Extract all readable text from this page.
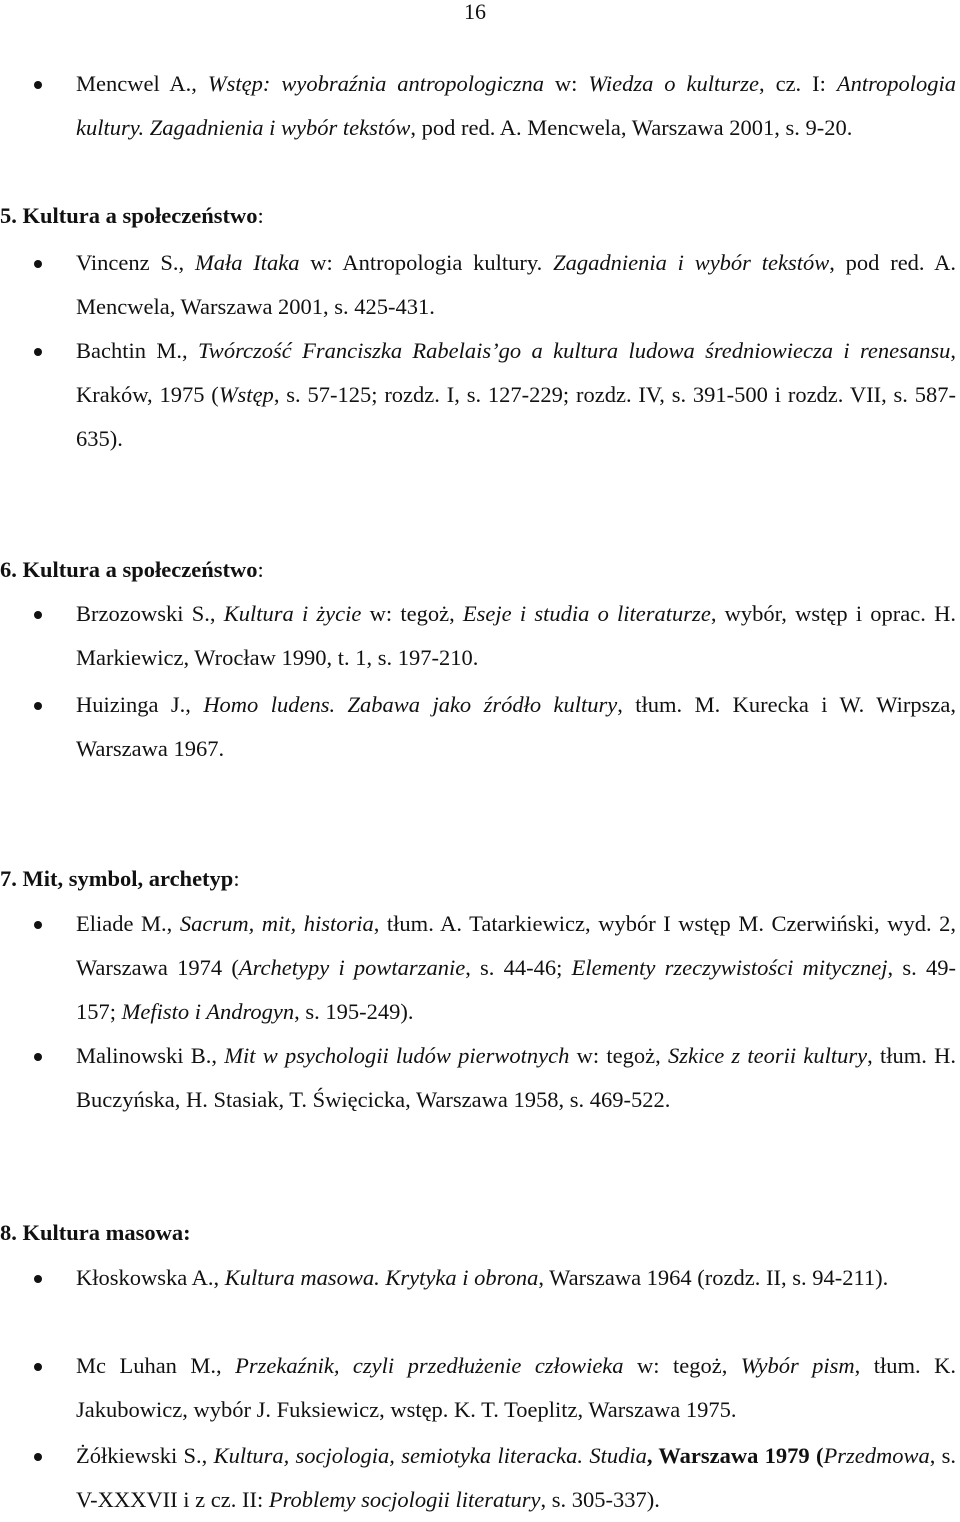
16
Mencwel A., Wstęp: wyobraźnia antropologiczna w: Wiedza o kulturze, cz. I: Antropologia kultury. Zagadnienia i wybór tekstów, pod red. A. Mencwela, Warszawa 2001, s. 9-20.
5. Kultura a społeczeństwo:
Vincenz S., Mała Itaka w: Antropologia kultury. Zagadnienia i wybór tekstów, pod red. A. Mencwela, Warszawa 2001, s. 425-431.
Bachtin M., Twórczość Franciszka Rabelais’go a kultura ludowa średniowiecza i renesansu, Kraków, 1975 (Wstęp, s. 57-125; rozdz. I, s. 127-229; rozdz. IV, s. 391-500 i rozdz. VII, s. 587-635).
6. Kultura a społeczeństwo:
Brzozowski S., Kultura i życie w: tegoż, Eseje i studia o literaturze, wybór, wstęp i oprac. H. Markiewicz, Wrocław 1990, t. 1, s. 197-210.
Huizinga J., Homo ludens. Zabawa jako źródło kultury, tłum. M. Kurecka i W. Wirpsza, Warszawa 1967.
7. Mit, symbol, archetyp:
Eliade M., Sacrum, mit, historia, tłum. A. Tatarkiewicz, wybór I wstęp M. Czerwiński, wyd. 2, Warszawa 1974 (Archetypy i powtarzanie, s. 44-46; Elementy rzeczywistości mitycznej, s. 49-157; Mefisto i Androgyn, s. 195-249).
Malinowski B., Mit w psychologii ludów pierwotnych w: tegoż, Szkice z teorii kultury, tłum. H. Buczyńska, H. Stasiak, T. Święcicka, Warszawa 1958, s. 469-522.
8. Kultura masowa:
Kłoskowska A., Kultura masowa. Krytyka i obrona, Warszawa 1964 (rozdz. II, s. 94-211).
Mc Luhan M., Przekaźnik, czyli przedłużenie człowieka w: tegoż, Wybór pism, tłum. K. Jakubowicz, wybór J. Fuksiewicz, wstęp. K. T. Toeplitz, Warszawa 1975.
Żółkiewski S., Kultura, socjologia, semiotyka literacka. Studia, Warszawa 1979 (Przedmowa, s. V-XXXVII i z cz. II: Problemy socjologii literatury, s. 305-337).
